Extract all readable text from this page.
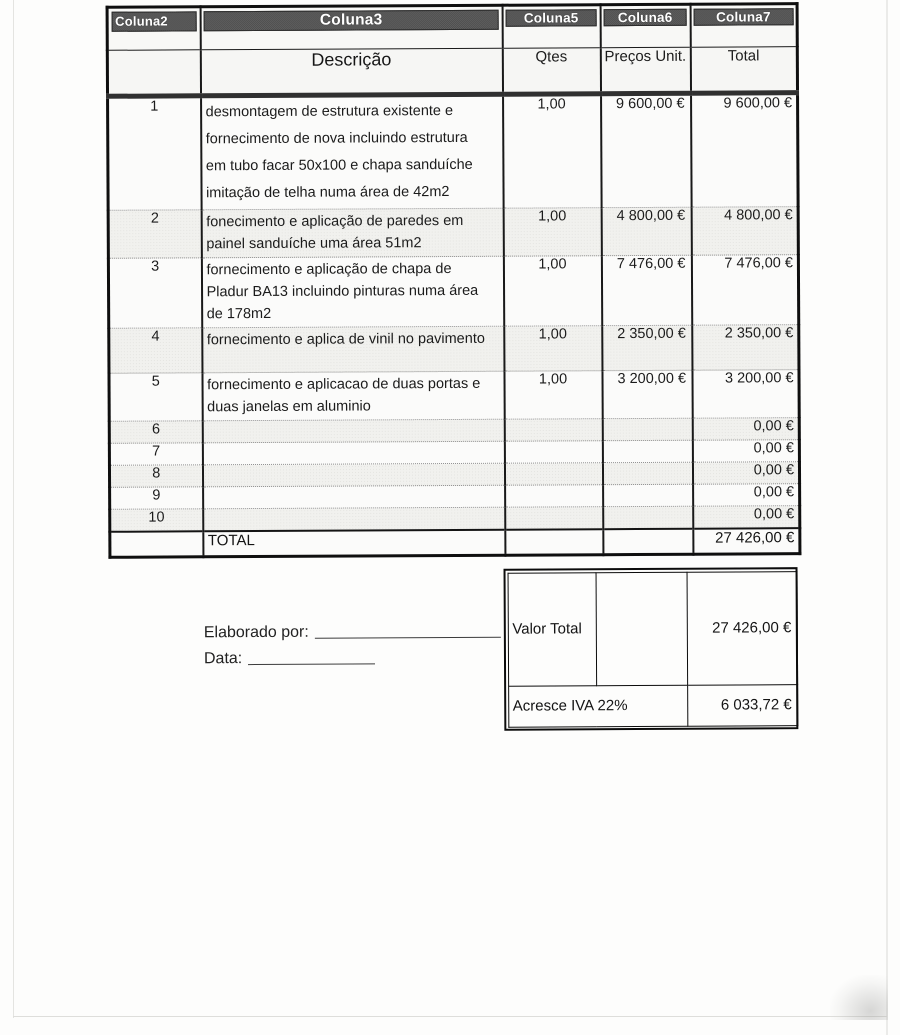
Coluna2	Coluna3	Coluna5	Coluna6	Coluna7

	Descrição	Qtes	Preços Unit.	Total
1	desmontagem de estrutura existente e
fornecimento de nova incluindo estrutura
em tubo facar 50x100 e chapa sanduíche
imitação de telha numa área de 42m2	1,00	9 600,00 €	9 600,00 €
2	fonecimento e aplicação de paredes em
painel sanduíche uma área 51m2	1,00	4 800,00 €	4 800,00 €
3	fornecimento e aplicação de chapa de
Pladur BA13 incluindo pinturas numa área
de 178m2	1,00	7 476,00 €	7 476,00 €
4	fornecimento e aplica de vinil no pavimento	1,00	2 350,00 €	2 350,00 €
5	fornecimento e aplicacao de duas portas e
duas janelas em aluminio	1,00	3 200,00 €	3 200,00 €
6				0,00 €
7				0,00 €
8				0,00 €
9				0,00 €
10				0,00 €
	TOTAL			27 426,00 €
Valor Total		27 426,00 €
Acresce IVA 22%		6 033,72 €
Elaborado por:
Data:
